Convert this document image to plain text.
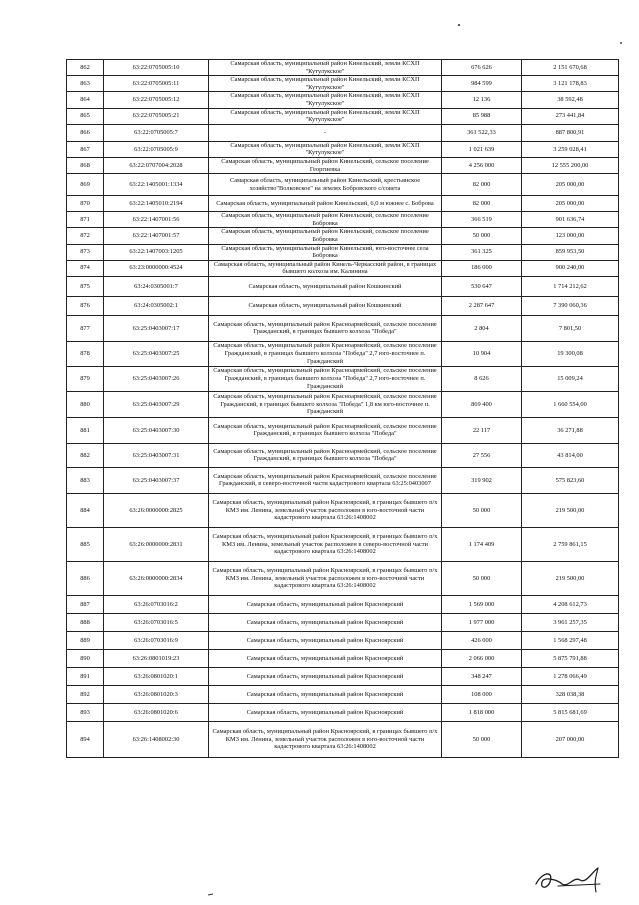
862	63:22:0705005:10	Самарская область, муниципальный район Кинельский, земли КСХП "Кутулукское"	676 626	2 151 670,68
863	63:22:0705005:11	Самарская область, муниципальный район Кинельский, земли КСХП "Кутулукское"	984 599	3 121 178,83
864	63:22:0705005:12	Самарская область, муниципальный район Кинельский, земли КСХП "Кутулукское"	12 136	38 592,48
865	63:22:0705005:21	Самарская область, муниципальный район Кинельский, земли КСХП "Кутулукское"	85 988	273 441,84
866	63:22:0705005:7	-	361 522,33	887 800,91
867	63:22:0705005:9	Самарская область, муниципальный район Кинельский, земли КСХП "Кутулукское"	1 021 639	3 259 028,41
868	63:22:0707004:2028	Самарская область, муниципальный район Кинельский, сельское поселение Георгиевка	4 256 000	12 555 200,00
869	63:22:1405001:1334	Самарская область, муниципальный район Кинельский, крестьянское хозяйство"Волковское" на землях Бобровского с/совета	82 000	205 000,00
870	63:22:1405010:2194	Самарская область, муниципальный район Кинельский, 6,0 м южнее с. Боброва	82 000	205 000,00
871	63:22:1407001:56	Самарская область, муниципальный район Кинельский, сельское поселение Бобровка	366 519	901 636,74
872	63:22:1407001:57	Самарская область, муниципальный район Кинельский, сельское поселение Бобровка	50 000	123 000,00
873	63:22:1407003:1205	Самарская область, муниципальный район Кинельский, юго-восточнее села Бобровка	361 325	859 953,50
874	63:23:0000000:4524	Самарская область, муниципальный район Кинель-Черкасский район, в границах бывшего колхоза им. Калинина	186 000	900 240,00
875	63:24:0305001:7	Самарская область, муниципальный район Кошкинский	530 647	1 714 212,62
876	63:24:0305002:1	Самарская область, муниципальный район Кошкинский	2 287 647	7 390 060,36
877	63:25:0403007:17	Самарская область, муниципальный район Красноармейский, сельское поселение Гражданский, в границах бывшего колхоза "Победа"	2 804	7 801,50
878	63:25:0403007:25	Самарская область, муниципальный район Красноармейский, сельское поселение Гражданский, в границах бывшего колхоза "Победа" 2,7 юго-восточнее п. Гражданский	10 904	19 300,08
879	63:25:0403007:26	Самарская область, муниципальный район Красноармейский, сельское поселение Гражданский, в границах бывшего колхоза "Победа" 2,7 юго-восточнее п. Гражданский	8 626	15 009,24
880	63:25:0403007:29	Самарская область, муниципальный район Красноармейский, сельское поселение Гражданский, в границах бывшего колхоза "Победа" 1,8 км юго-восточнее п. Гражданский	869 400	1 660 554,00
881	63:25:0403007:30	Самарская область, муниципальный район Красноармейский, сельское поселение Гражданский, в границах бывшего колхоза "Победа"	22 117	36 271,88
882	63:25:0403007:31	Самарская область, муниципальный район Красноармейский, сельское поселение Гражданский, в границах бывшего колхоза "Победа"	27 556	43 814,00
883	63:25:0403007:37	Самарская область, муниципальный район Красноармейский, сельское поселение Гражданский, в северо-восточной части кадастрового квартала 63:25:0403007	319 902	575 823,60
884	63:26:0000000:2825	Самарская область, муниципальный район Красноярский, в границах бывшего п/х КМЗ им. Ленина, земельный участок расположен в юго-восточной части кадастрового квартала 63:26:1408002	50 000	219 500,00
885	63:26:0000000:2831	Самарская область, муниципальный район Красноярский, в границах бывшего п/х КМЗ им. Ленина, земельный участок расположен в северо-восточной части кадастрового квартала 63:26:1408002	1 174 409	2 759 861,15
886	63:26:0000000:2834	Самарская область, муниципальный район Красноярский, в границах бывшего п/х КМЗ им. Ленина, земельный участок расположен в юго-восточной части кадастрового квартала 63:26:1408002	50 000	219 500,00
887	63:26:0703016:2	Самарская область, муниципальный район Красноярский	1 569 000	4 208 612,73
888	63:26:0703016:5	Самарская область, муниципальный район Красноярский	1 977 000	3 961 257,35
889	63:26:0703016:9	Самарская область, муниципальный район Красноярский	426 000	1 568 297,48
890	63:26:0801019:23	Самарская область, муниципальный район Красноярский	2 066 000	5 875 791,88
891	63:26:0801020:1	Самарская область, муниципальный район Красноярский	348 247	1 278 066,49
892	63:26:0801020:3	Самарская область, муниципальный район Красноярский	108 000	328 038,38
893	63:26:0801020:6	Самарская область, муниципальный район Красноярский	1 818 000	5 815 681,69
894	63:26:1408002:30	Самарская область, муниципальный район Красноярский, в границах бывшего п/х КМЗ им. Ленина, земельный участок расположен в юго-восточной части кадастрового квартала 63:26:1408002	50 000	207 000,00
